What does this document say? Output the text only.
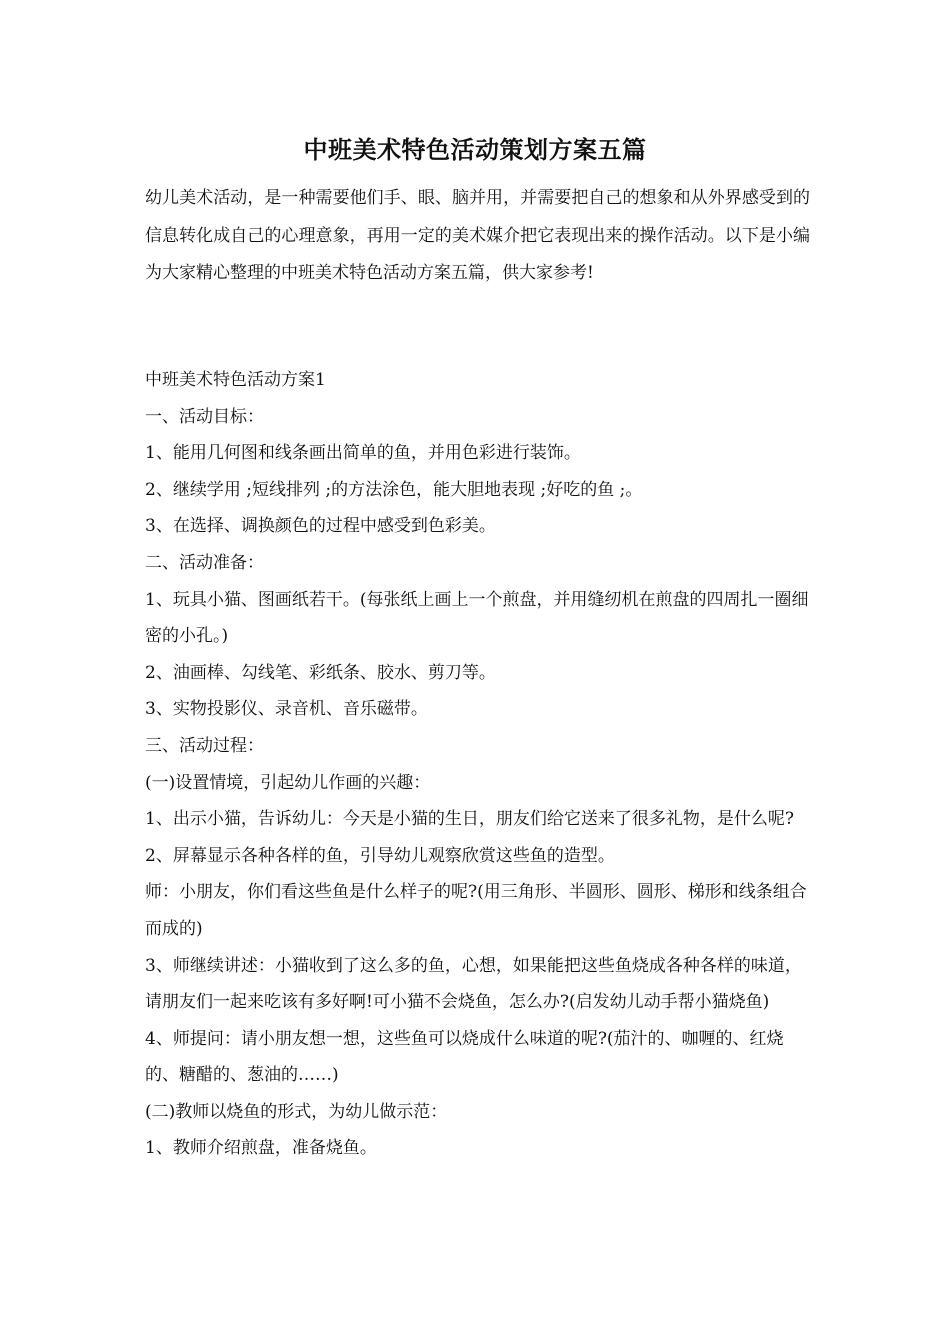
中班美术特色活动策划方案五篇

幼儿美术活动，是一种需要他们手、眼、脑并用，并需要把自己的想象和从外界感受到的信息转化成自己的心理意象，再用一定的美术媒介把它表现出来的操作活动。以下是小编为大家精心整理的中班美术特色活动方案五篇，供大家参考!

中班美术特色活动方案1

一、活动目标：

1、能用几何图和线条画出简单的鱼，并用色彩进行装饰。

2、继续学用 ;短线排列 ;的方法涂色，能大胆地表现 ;好吃的鱼 ;。

3、在选择、调换颜色的过程中感受到色彩美。

二、活动准备：

1、玩具小猫、图画纸若干。(每张纸上画上一个煎盘，并用缝纫机在煎盘的四周扎一圈细密的小孔。)

2、油画棒、勾线笔、彩纸条、胶水、剪刀等。

3、实物投影仪、录音机、音乐磁带。

三、活动过程：

(一)设置情境，引起幼儿作画的兴趣：

1、出示小猫，告诉幼儿：今天是小猫的生日，朋友们给它送来了很多礼物，是什么呢?

2、屏幕显示各种各样的鱼，引导幼儿观察欣赏这些鱼的造型。

师：小朋友，你们看这些鱼是什么样子的呢?(用三角形、半圆形、圆形、梯形和线条组合而成的)

3、师继续讲述：小猫收到了这么多的鱼，心想，如果能把这些鱼烧成各种各样的味道，请朋友们一起来吃该有多好啊!可小猫不会烧鱼，怎么办?(启发幼儿动手帮小猫烧鱼)

4、师提问：请小朋友想一想，这些鱼可以烧成什么味道的呢?(茄汁的、咖喱的、红烧的、糖醋的、葱油的……)

(二)教师以烧鱼的形式，为幼儿做示范：

1、教师介绍煎盘，准备烧鱼。
